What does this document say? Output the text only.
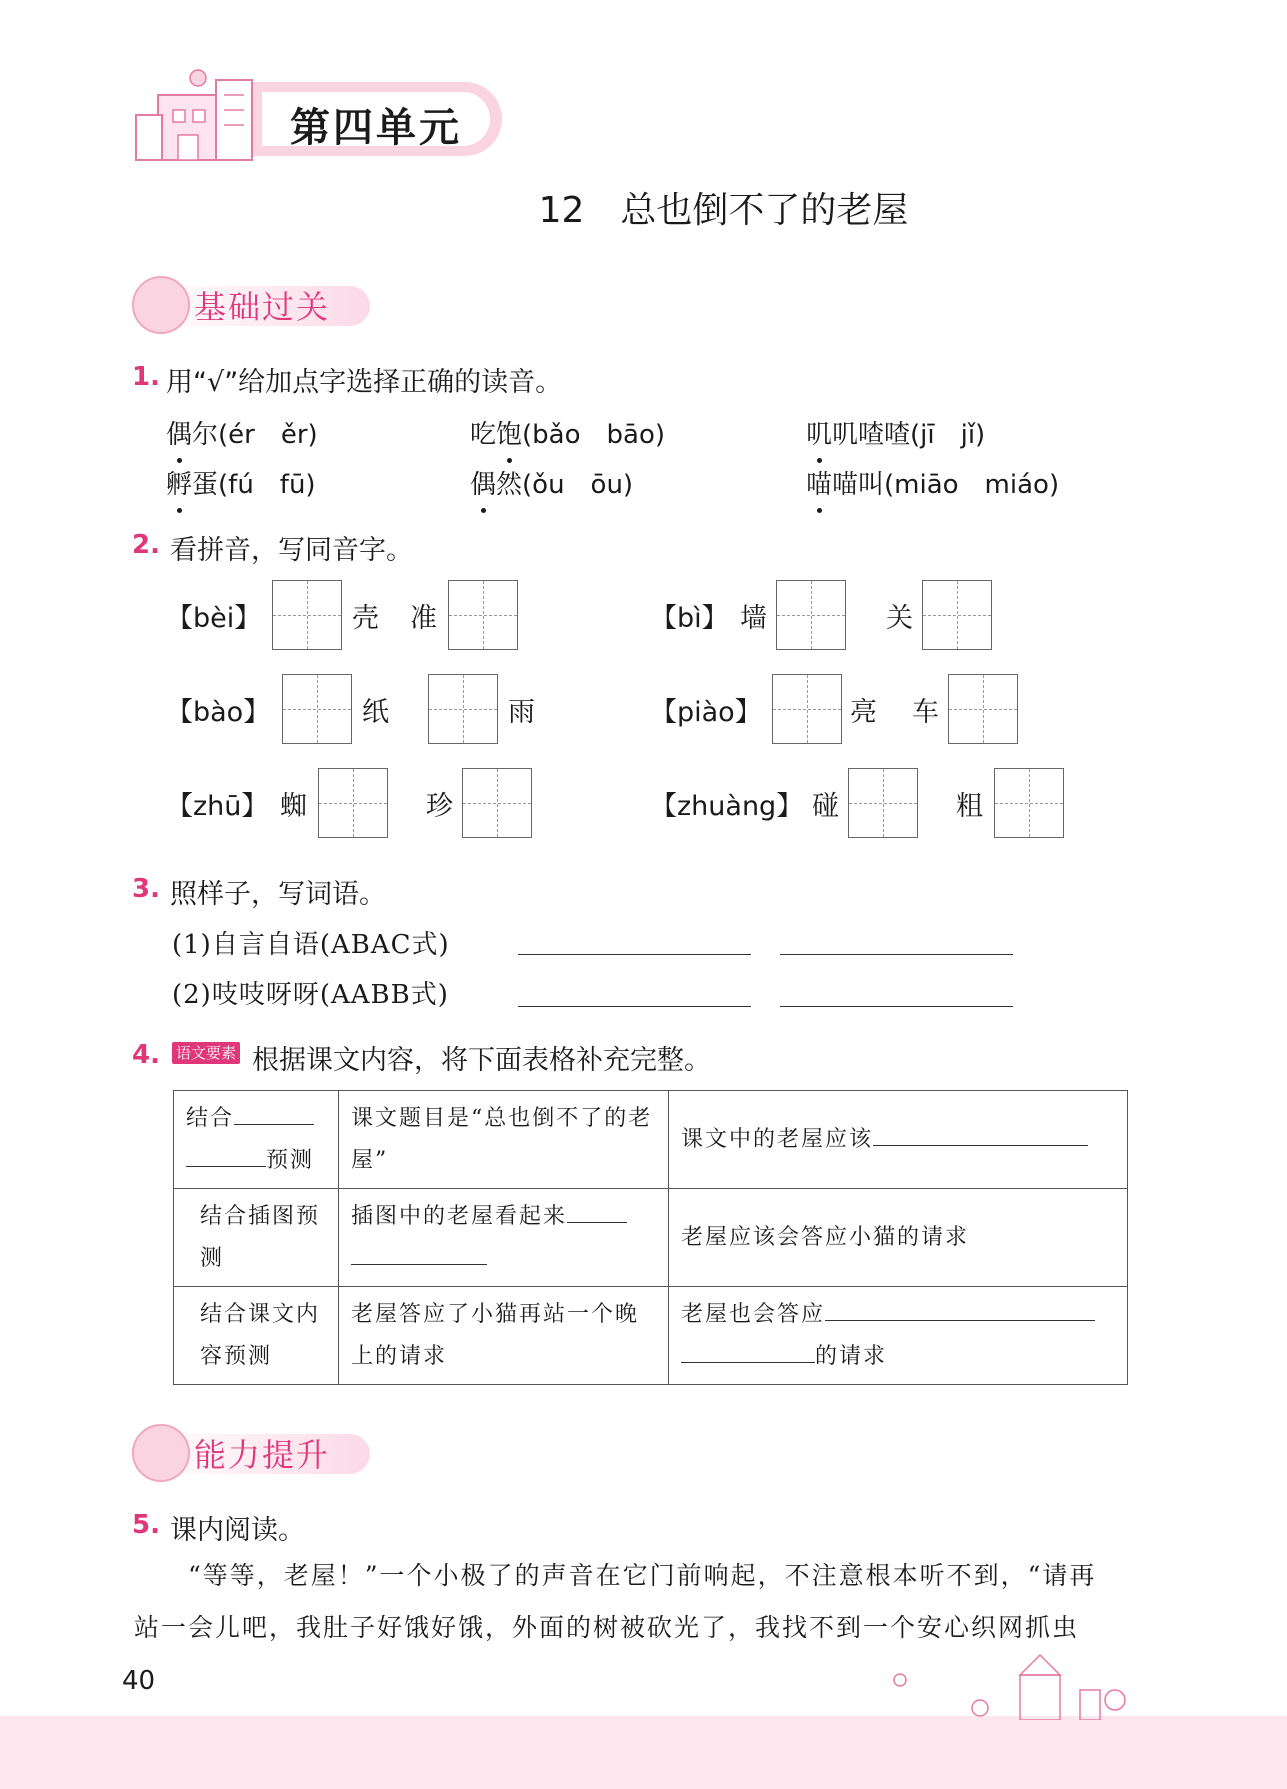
第四单元
12　总也倒不了的老屋
基础过关
1. 用“√”给加点字选择正确的读音。
偶尔(ér　ěr)	吃饱(bǎo　bāo)	叽叽喳喳(jī　jǐ)
孵蛋(fú　fū)	偶然(ǒu　ōu)	喵喵叫(miāo　miáo)
2. 看拼音，写同音字。
【bèi】	壳 准	【bì】 墙	关
【bào】	纸	雨	【piào】	亮 车
【zhū】 蜘	珍	【zhuàng】 碰	粗
3. 照样子，写词语。
(1)自言自语(ABAC式)
(2)吱吱呀呀(AABB式)
4. 语文要素 根据课文内容，将下面表格补充完整。
结合
预测	课文题目是“总也倒不了的老屋”	课文中的老屋应该
结合插图预测	插图中的老屋看起来	老屋应该会答应小猫的请求
结合课文内容预测	老屋答应了小猫再站一个晚上的请求	老屋也会答应
的请求
能力提升
5. 课内阅读。
“等等，老屋！”一个小极了的声音在它门前响起，不注意根本听不到，“请再
站一会儿吧，我肚子好饿好饿，外面的树被砍光了，我找不到一个安心织网抓虫
40
